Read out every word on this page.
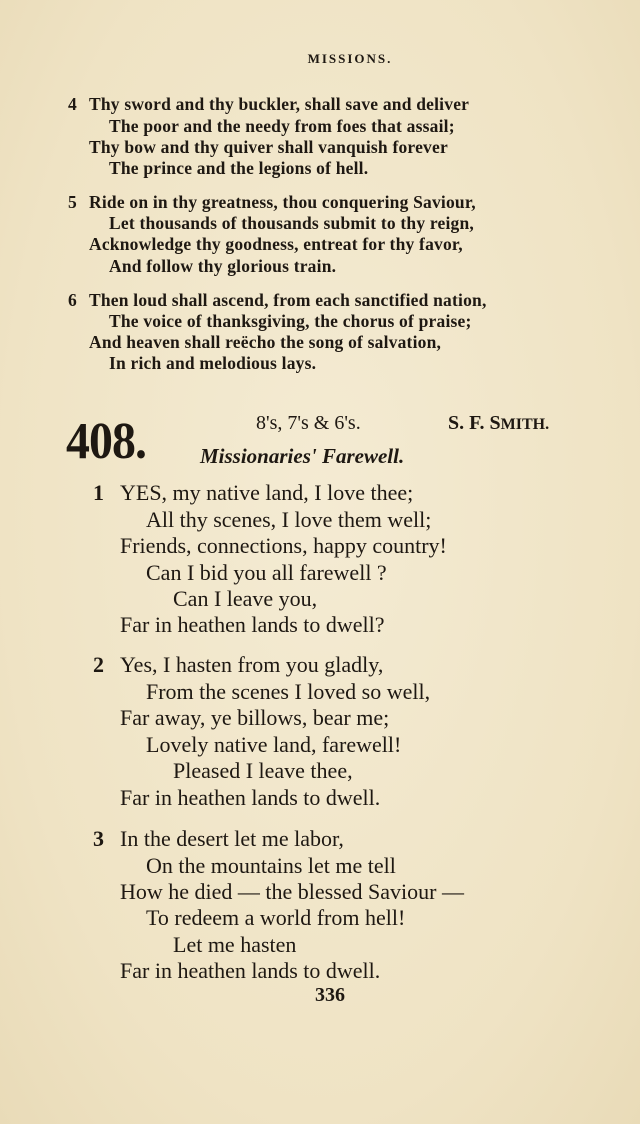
MISSIONS.
4 Thy sword and thy buckler, shall save and deliver
The poor and the needy from foes that assail;
Thy bow and thy quiver shall vanquish forever
The prince and the legions of hell.
5 Ride on in thy greatness, thou conquering Saviour,
Let thousands of thousands submit to thy reign,
Acknowledge thy goodness, entreat for thy favor,
And follow thy glorious train.
6 Then loud shall ascend, from each sanctified nation,
The voice of thanksgiving, the chorus of praise;
And heaven shall reëcho the song of salvation,
In rich and melodious lays.
408.	8's, 7's & 6's.	S. F. SMITH.
Missionaries' Farewell.
1 YES, my native land, I love thee;
All thy scenes, I love them well;
Friends, connections, happy country!
Can I bid you all farewell ?
Can I leave you,
Far in heathen lands to dwell?
2 Yes, I hasten from you gladly,
From the scenes I loved so well,
Far away, ye billows, bear me;
Lovely native land, farewell!
Pleased I leave thee,
Far in heathen lands to dwell.
3 In the desert let me labor,
On the mountains let me tell
How he died — the blessed Saviour —
To redeem a world from hell!
Let me hasten
Far in heathen lands to dwell.
336
